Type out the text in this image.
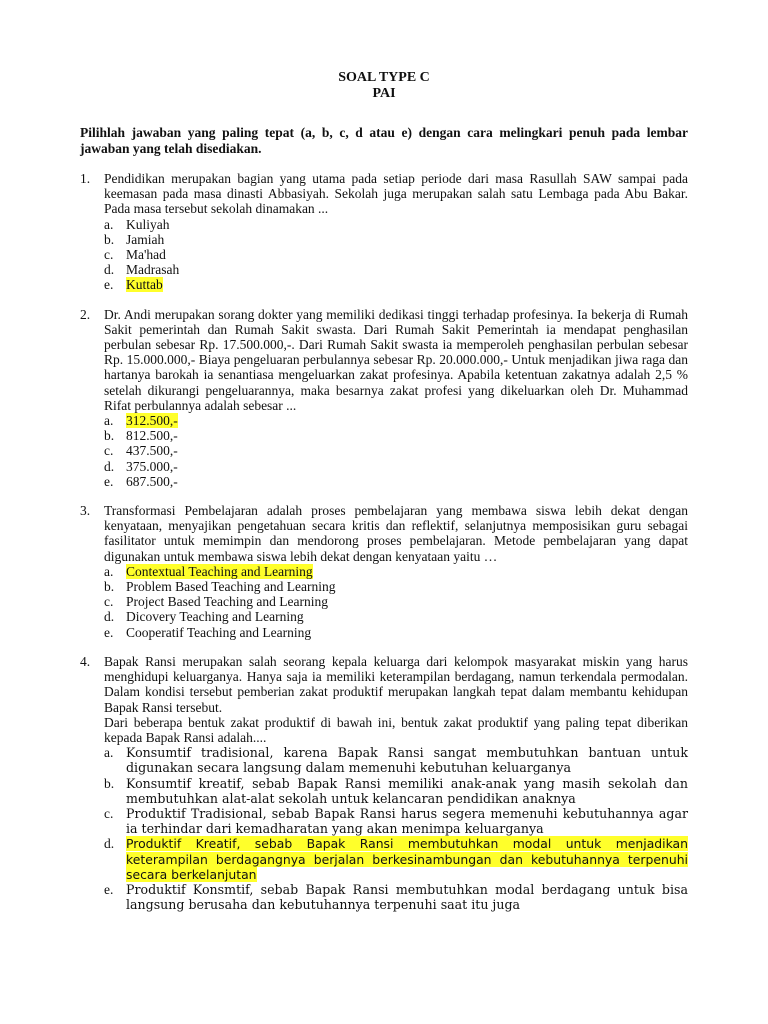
SOAL TYPE C
PAI
Pilihlah jawaban yang paling tepat (a, b, c, d atau e) dengan cara melingkari penuh pada lembar jawaban yang telah disediakan.
1. Pendidikan merupakan bagian yang utama pada setiap periode dari masa Rasullah SAW sampai pada keemasan pada masa dinasti Abbasiyah. Sekolah juga merupakan salah satu Lembaga pada Abu Bakar. Pada masa tersebut sekolah dinamakan ...
a. Kuliyah
b. Jamiah
c. Ma'had
d. Madrasah
e. Kuttab
2. Dr. Andi merupakan sorang dokter yang memiliki dedikasi tinggi terhadap profesinya. Ia bekerja di Rumah Sakit pemerintah dan Rumah Sakit swasta. Dari Rumah Sakit Pemerintah ia mendapat penghasilan perbulan sebesar Rp. 17.500.000,-. Dari Rumah Sakit swasta ia memperoleh penghasilan perbulan sebesar Rp. 15.000.000,- Biaya pengeluaran perbulannya sebesar Rp. 20.000.000,- Untuk menjadikan jiwa raga dan hartanya barokah ia senantiasa mengeluarkan zakat profesinya. Apabila ketentuan zakatnya adalah 2,5 % setelah dikurangi pengeluarannya, maka besarnya zakat profesi yang dikeluarkan oleh Dr. Muhammad Rifat perbulannya adalah sebesar ...
a. 312.500,-
b. 812.500,-
c. 437.500,-
d. 375.000,-
e. 687.500,-
3. Transformasi Pembelajaran adalah proses pembelajaran yang membawa siswa lebih dekat dengan kenyataan, menyajikan pengetahuan secara kritis dan reflektif, selanjutnya memposisikan guru sebagai fasilitator untuk memimpin dan mendorong proses pembelajaran. Metode pembelajaran yang dapat digunakan untuk membawa siswa lebih dekat dengan kenyataan yaitu …
a. Contextual Teaching and Learning
b. Problem Based Teaching and Learning
c. Project Based Teaching and Learning
d. Dicovery Teaching and Learning
e. Cooperatif Teaching and Learning
4. Bapak Ransi merupakan salah seorang kepala keluarga dari kelompok masyarakat miskin yang harus menghidupi keluarganya. Hanya saja ia memiliki keterampilan berdagang, namun terkendala permodalan. Dalam kondisi tersebut pemberian zakat produktif merupakan langkah tepat dalam membantu kehidupan Bapak Ransi tersebut.

Dari beberapa bentuk zakat produktif di bawah ini, bentuk zakat produktif yang paling tepat diberikan kepada Bapak Ransi adalah....

a. Konsumtif tradisional, karena Bapak Ransi sangat membutuhkan bantuan untuk digunakan secara langsung dalam memenuhi kebutuhan keluarganya
b. Konsumtif kreatif, sebab Bapak Ransi memiliki anak-anak yang masih sekolah dan membutuhkan alat-alat sekolah untuk kelancaran pendidikan anaknya
c. Produktif Tradisional, sebab Bapak Ransi harus segera memenuhi kebutuhannya agar ia terhindar dari kemadharatan yang akan menimpa keluarganya
d. Produktif Kreatif, sebab Bapak Ransi membutuhkan modal untuk menjadikan keterampilan berdagangnya berjalan berkesinambungan dan kebutuhannya terpenuhi secara berkelanjutan
e. Produktif Konsmtif, sebab Bapak Ransi membutuhkan modal berdagang untuk bisa langsung berusaha dan kebutuhannya terpenuhi saat itu juga
